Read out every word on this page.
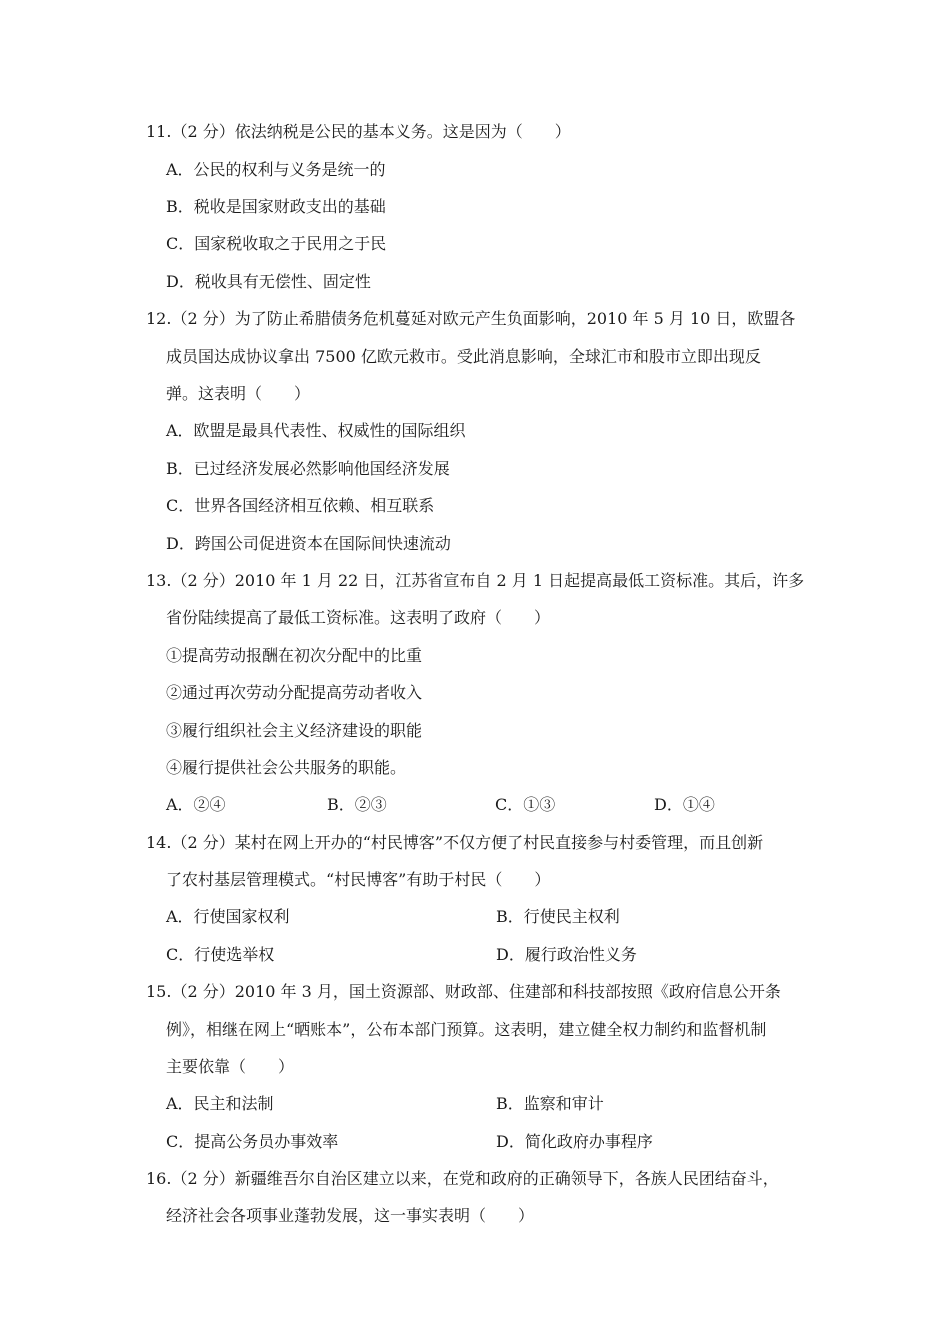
11.（2 分）依法纳税是公民的基本义务。这是因为（　　）
A．公民的权利与义务是统一的
B．税收是国家财政支出的基础
C．国家税收取之于民用之于民
D．税收具有无偿性、固定性
12.（2 分）为了防止希腊债务危机蔓延对欧元产生负面影响，2010 年 5 月 10 日，欧盟各
成员国达成协议拿出 7500 亿欧元救市。受此消息影响，全球汇市和股市立即出现反
弹。这表明（　　）
A．欧盟是最具代表性、权威性的国际组织
B．已过经济发展必然影响他国经济发展
C．世界各国经济相互依赖、相互联系
D．跨国公司促进资本在国际间快速流动
13.（2 分）2010 年 1 月 22 日，江苏省宣布自 2 月 1 日起提高最低工资标准。其后，许多
省份陆续提高了最低工资标准。这表明了政府（　　）
①提高劳动报酬在初次分配中的比重
②通过再次劳动分配提高劳动者收入
③履行组织社会主义经济建设的职能
④履行提供社会公共服务的职能。
A．②④	B．②③	C．①③	D．①④
14.（2 分）某村在网上开办的“村民博客”不仅方便了村民直接参与村委管理，而且创新
了农村基层管理模式。“村民博客”有助于村民（　　）
A．行使国家权利	B．行使民主权利
C．行使选举权	D．履行政治性义务
15.（2 分）2010 年 3 月，国土资源部、财政部、住建部和科技部按照《政府信息公开条
例》，相继在网上“晒账本”，公布本部门预算。这表明，建立健全权力制约和监督机制
主要依靠（　　）
A．民主和法制	B．监察和审计
C．提高公务员办事效率	D．简化政府办事程序
16.（2 分）新疆维吾尔自治区建立以来，在党和政府的正确领导下，各族人民团结奋斗，
经济社会各项事业蓬勃发展，这一事实表明（　　）
